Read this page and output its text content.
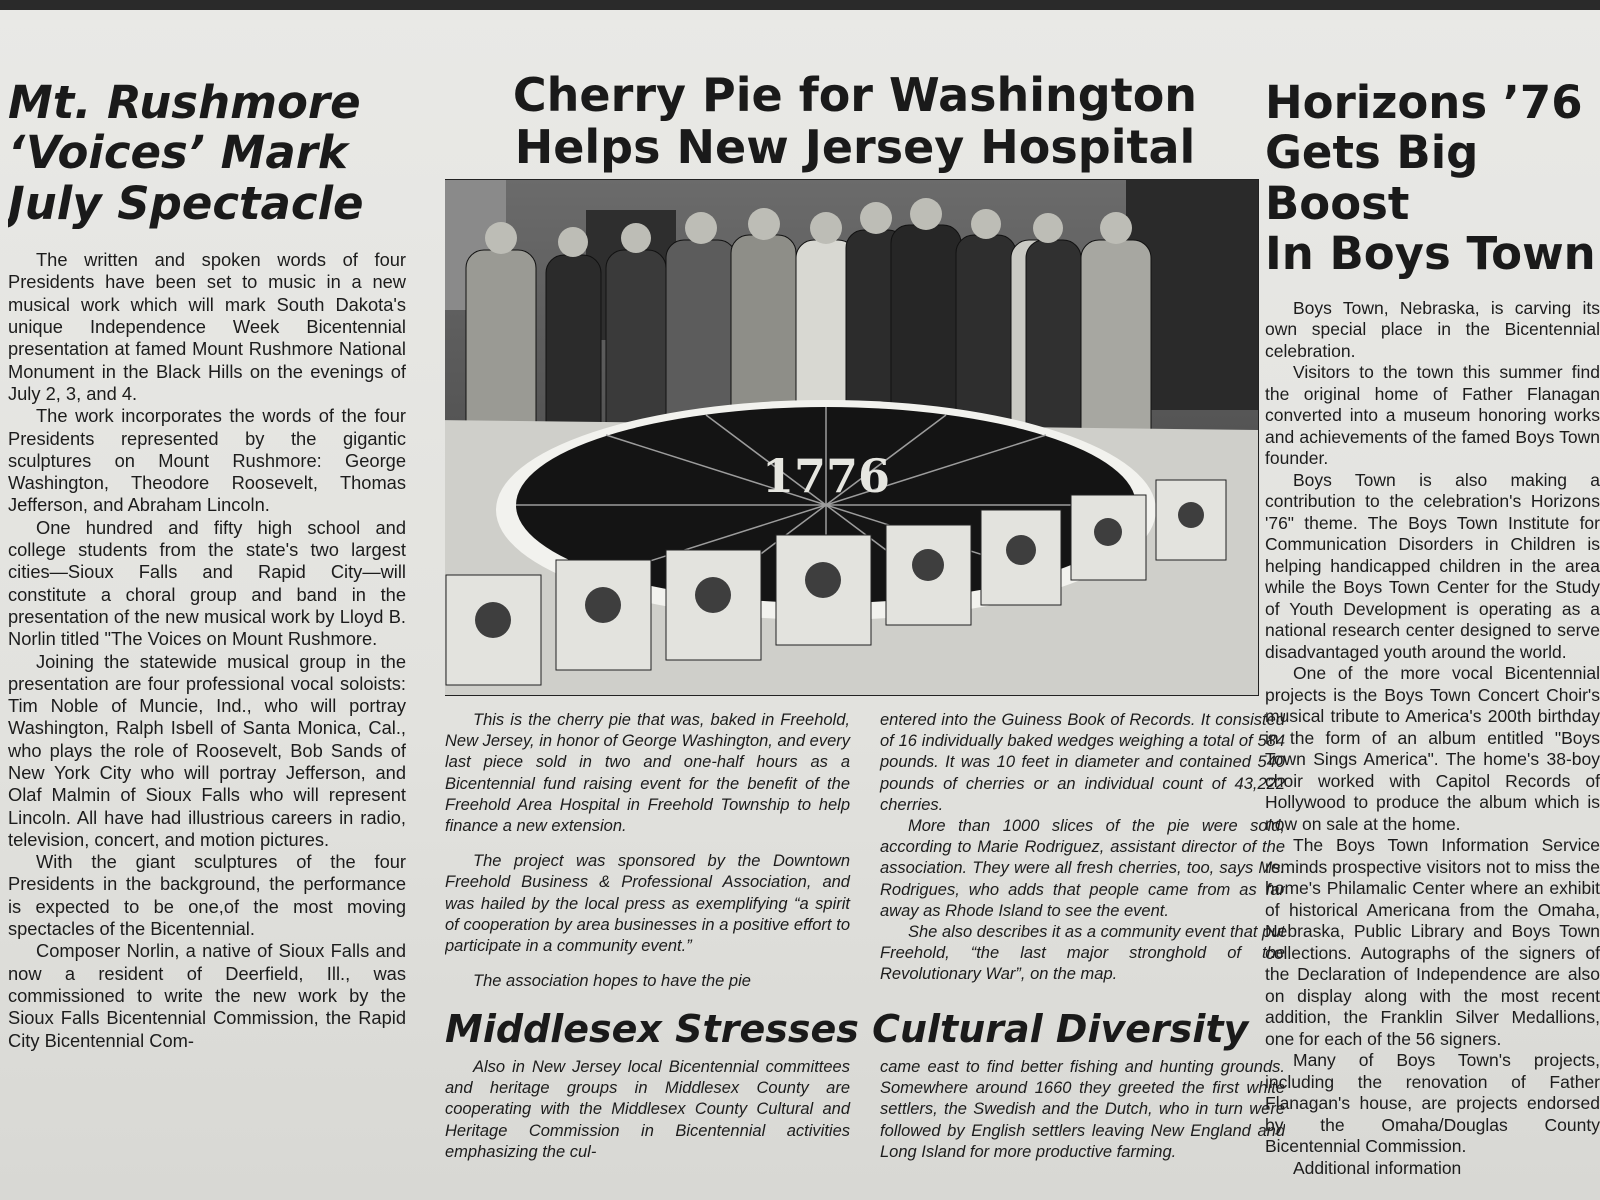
Mt. Rushmore
‘Voices’ Mark
July Spectacle

The written and spoken words of four Presidents have been set to music in a new musical work which will mark South Dakota's unique Independence Week Bicentennial presentation at famed Mount Rushmore National Monument in the Black Hills on the evenings of July 2, 3, and 4.

The work incorporates the words of the four Presidents represented by the gigantic sculptures on Mount Rushmore: George Washington, Theodore Roosevelt, Thomas Jefferson, and Abraham Lincoln.

One hundred and fifty high school and college students from the state's two largest cities—Sioux Falls and Rapid City—will constitute a choral group and band in the presentation of the new musical work by Lloyd B. Norlin titled "The Voices on Mount Rushmore.

Joining the statewide musical group in the presentation are four professional vocal soloists: Tim Noble of Muncie, Ind., who will portray Washington, Ralph Isbell of Santa Monica, Cal., who plays the role of Roosevelt, Bob Sands of New York City who will portray Jefferson, and Olaf Malmin of Sioux Falls who will represent Lincoln. All have had illustrious careers in radio, television, concert, and motion pictures.

With the giant sculptures of the four Presidents in the background, the performance is expected to be one,of the most moving spectacles of the Bicentennial.

Composer Norlin, a native of Sioux Falls and now a resident of Deerfield, Ill., was commissioned to write the new work by the Sioux Falls Bicentennial Commission, the Rapid City Bicentennial Com-

Cherry Pie for Washington
Helps New Jersey Hospital
1776

This is the cherry pie that was, baked in Freehold, New Jersey, in honor of George Washington, and every last piece sold in two and one-half hours as a Bicentennial fund raising event for the benefit of the Freehold Area Hospital in Freehold Township to help finance a new extension.

The project was sponsored by the Downtown Freehold Business & Professional Association, and was hailed by the local press as exemplifying “a spirit of cooperation by area businesses in a positive effort to participate in a community event.”

The association hopes to have the pie

entered into the Guiness Book of Records. It consisted of 16 individually baked wedges weighing a total of 584 pounds. It was 10 feet in diameter and contained 540 pounds of cherries or an individual count of 43,222 cherries.

More than 1000 slices of the pie were sold, according to Marie Rodriguez, assistant director of the association. They were all fresh cherries, too, says Ms. Rodrigues, who adds that people came from as far away as Rhode Island to see the event.

She also describes it as a community event that put Freehold, “the last major stronghold of the Revolutionary War”, on the map.

Middlesex Stresses Cultural Diversity

Also in New Jersey local Bicentennial committees and heritage groups in Middlesex County are cooperating with the Middlesex County Cultural and Heritage Commission in Bicentennial activities emphasizing the cul-

came east to find better fishing and hunting grounds. Somewhere around 1660 they greeted the first white settlers, the Swedish and the Dutch, who in turn were followed by English settlers leaving New England and Long Island for more productive farming.

Horizons ’76
Gets Big Boost
In Boys Town

Boys Town, Nebraska, is carving its own special place in the Bicentennial celebration.

Visitors to the town this summer find the original home of Father Flanagan converted into a museum honoring works and achievements of the famed Boys Town founder.

Boys Town is also making a contribution to the celebration's Horizons '76" theme. The Boys Town Institute for Communication Disorders in Children is helping handicapped children in the area while the Boys Town Center for the Study of Youth Development is operating as a national research center designed to serve disadvantaged youth around the world.

One of the more vocal Bicentennial projects is the Boys Town Concert Choir's musical tribute to America's 200th birthday in the form of an album entitled "Boys Town Sings America". The home's 38-boy choir worked with Capitol Records of Hollywood to produce the album which is now on sale at the home.

The Boys Town Information Service reminds prospective visitors not to miss the home's Philamalic Center where an exhibit of historical Americana from the Omaha, Nebraska, Public Library and Boys Town collections. Autographs of the signers of the Declaration of Independence are also on display along with the most recent addition, the Franklin Silver Medallions, one for each of the 56 signers.

Many of Boys Town's projects, including the renovation of Father Flanagan's house, are projects endorsed by the Omaha/Douglas County Bicentennial Commission.

Additional information
